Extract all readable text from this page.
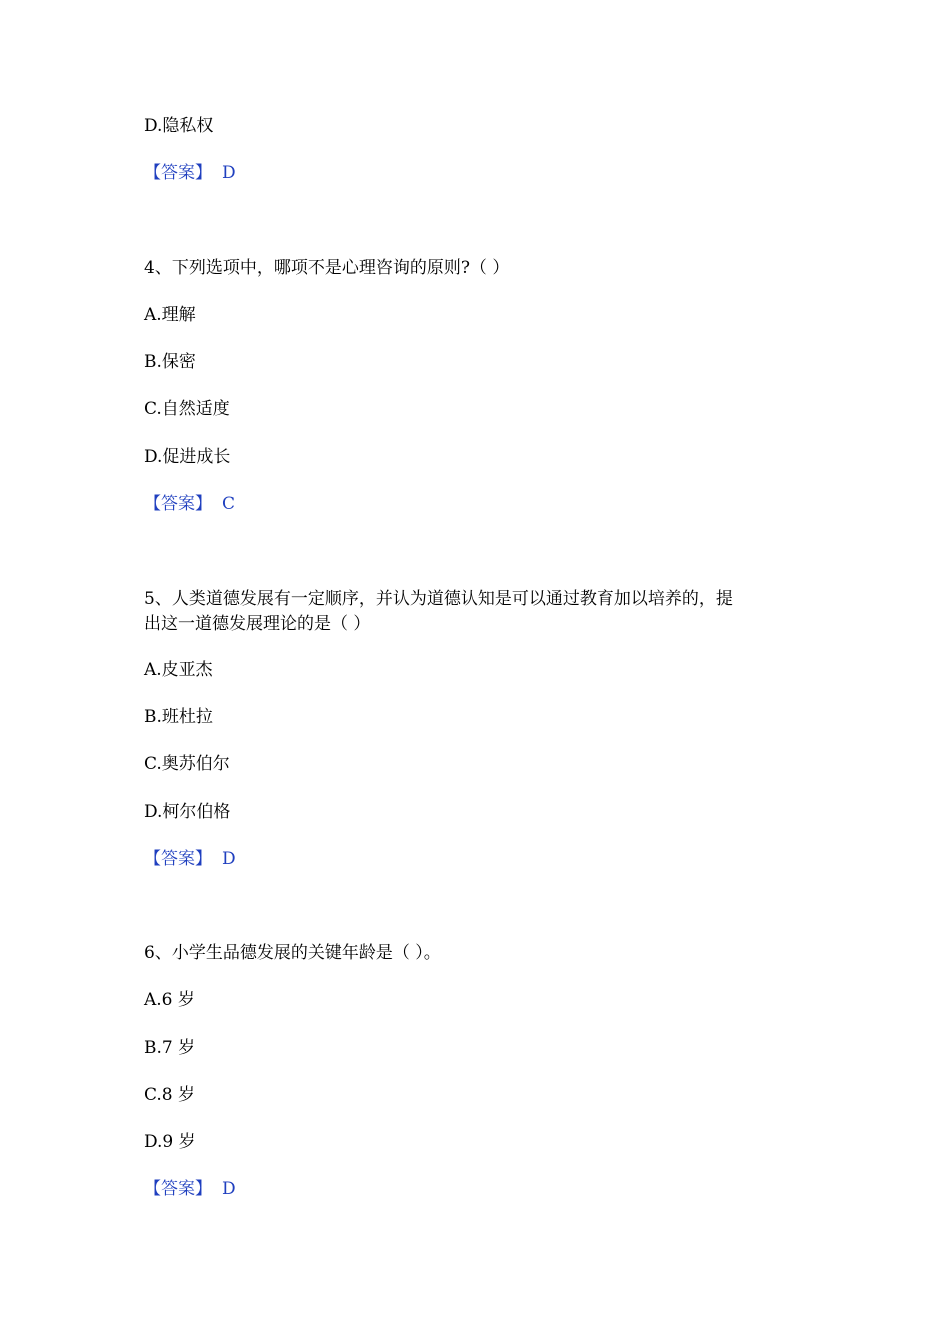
D.隐私权
【答案】 D
4、下列选项中，哪项不是心理咨询的原则?（ ）
A.理解
B.保密
C.自然适度
D.促进成长
【答案】 C
5、人类道德发展有一定顺序，并认为道德认知是可以通过教育加以培养的，提
出这一道德发展理论的是（ ）
A.皮亚杰
B.班杜拉
C.奥苏伯尔
D.柯尔伯格
【答案】 D
6、小学生品德发展的关键年龄是（ ）。
A.6 岁
B.7 岁
C.8 岁
D.9 岁
【答案】 D
